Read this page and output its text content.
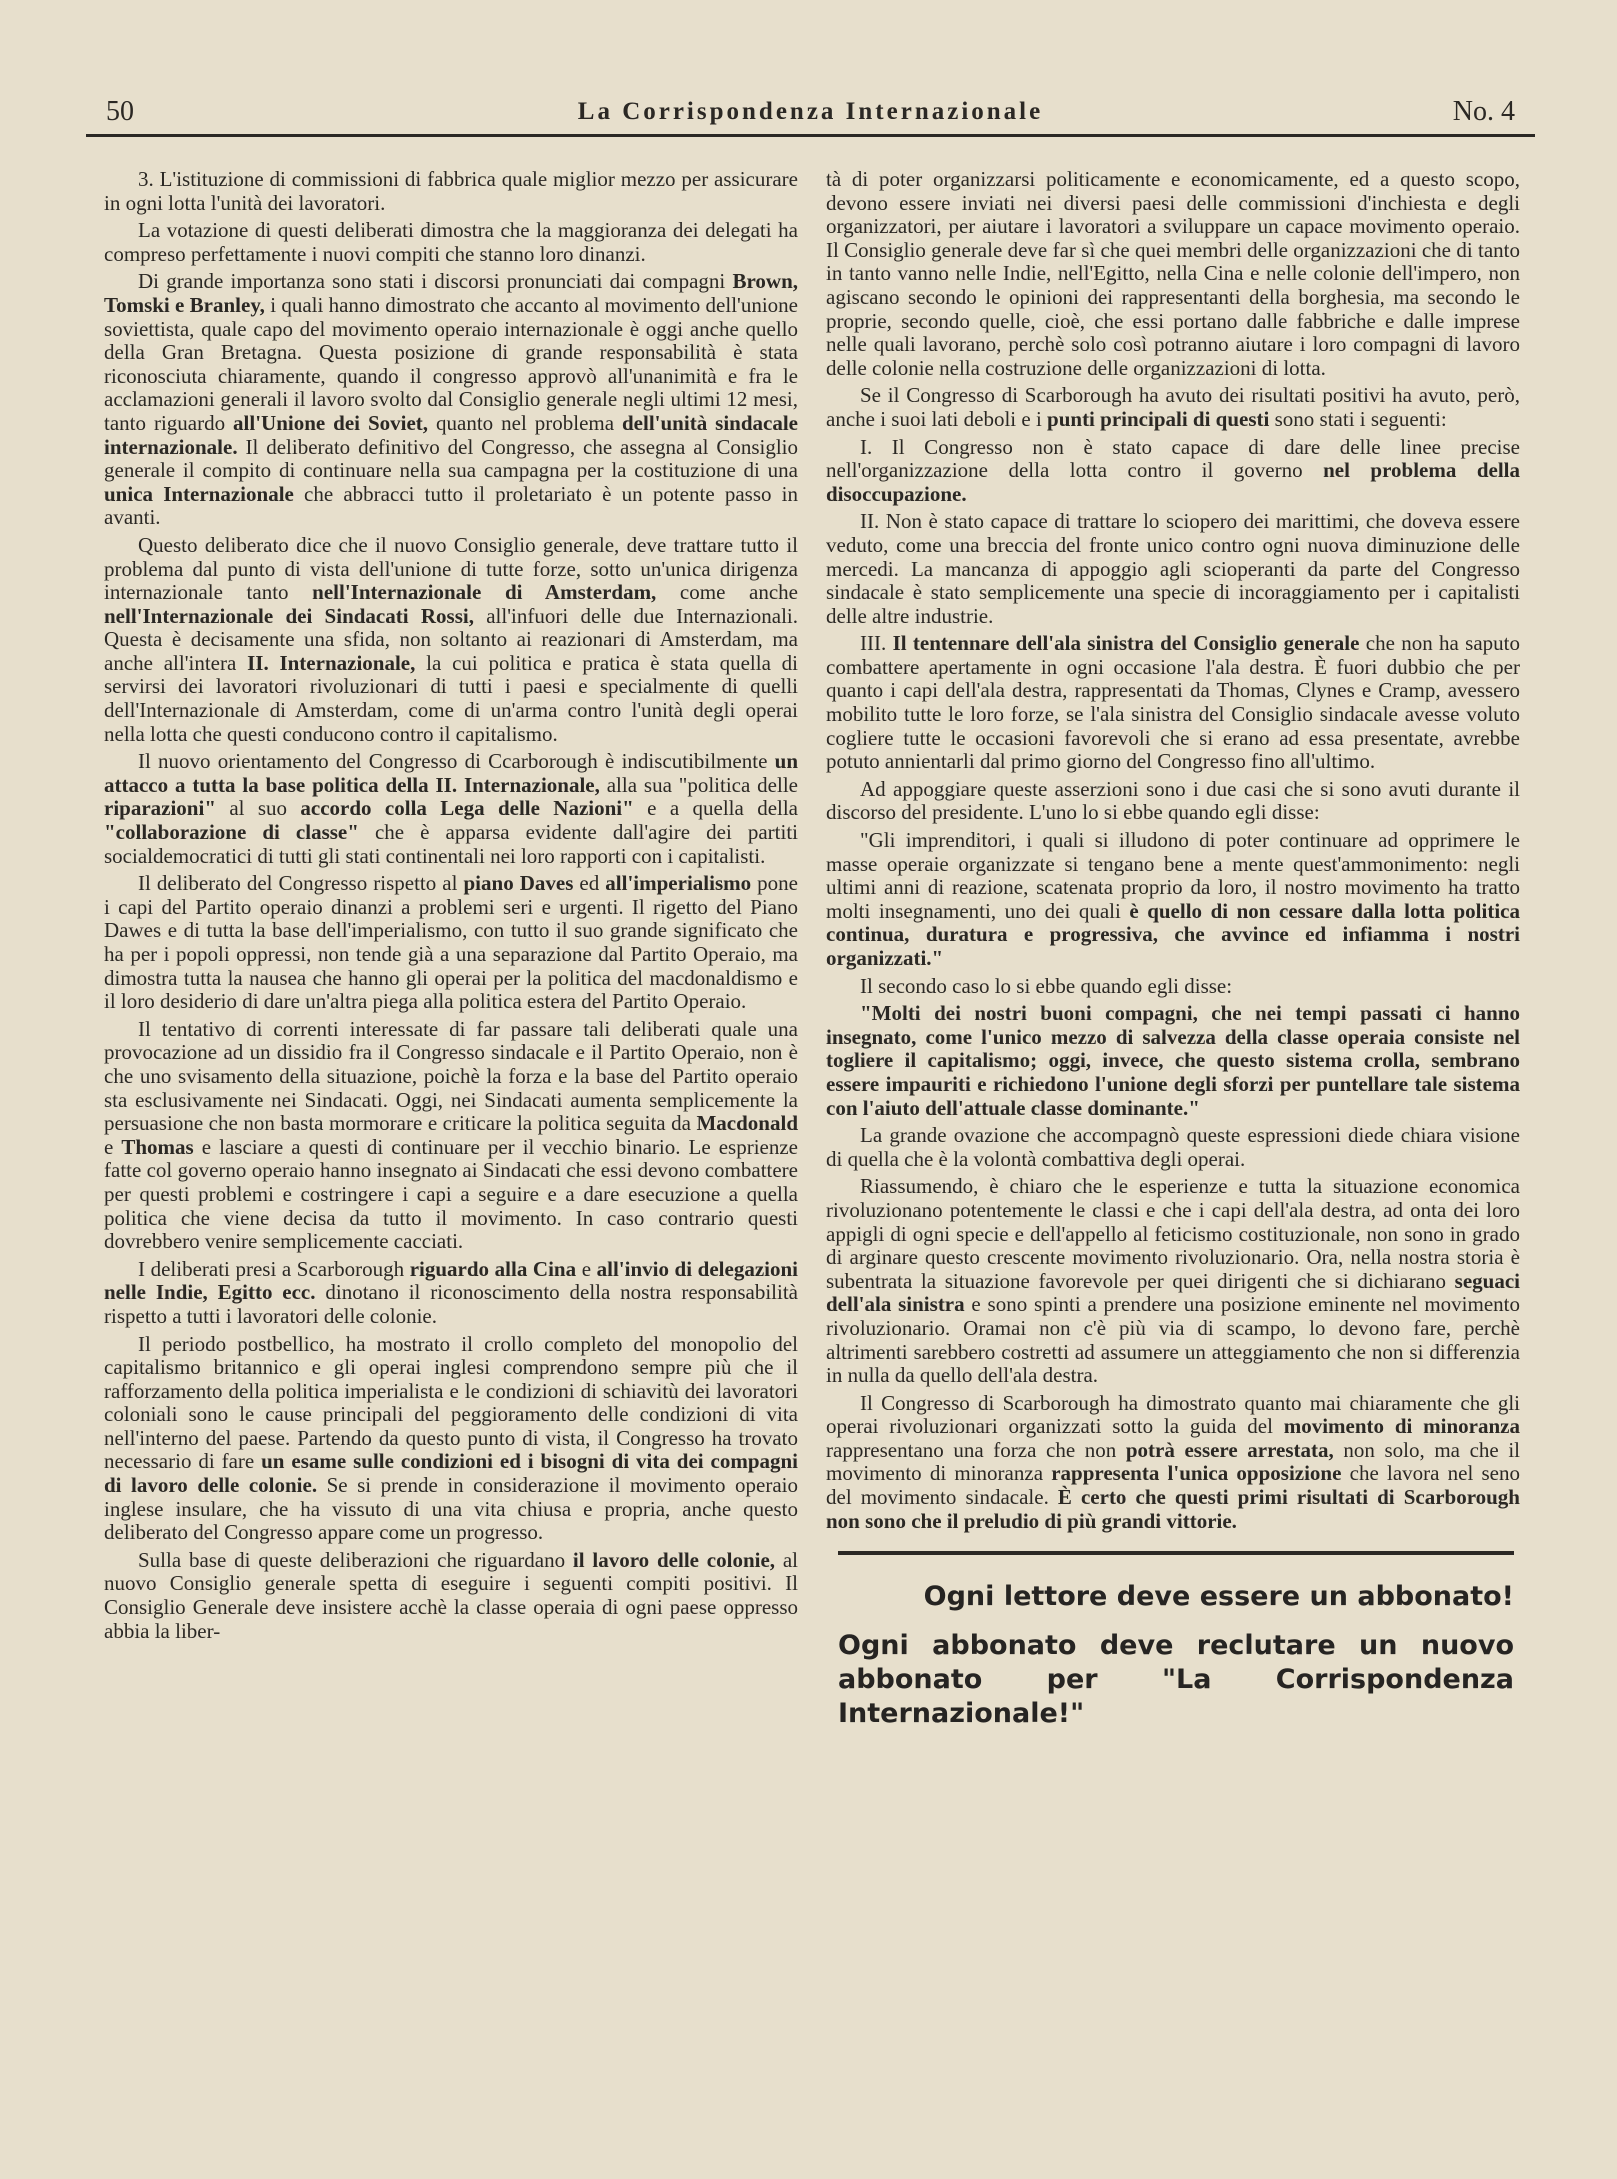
50	La Corrispondenza Internazionale	No. 4

3. L'istituzione di commissioni di fabbrica quale miglior mezzo per assicurare in ogni lotta l'unità dei lavoratori.

La votazione di questi deliberati dimostra che la maggioranza dei delegati ha compreso perfettamente i nuovi compiti che stanno loro dinanzi.

Di grande importanza sono stati i discorsi pronunciati dai compagni Brown, Tomski e Branley, i quali hanno dimostrato che accanto al movimento dell'unione soviettista, quale capo del movimento operaio internazionale è oggi anche quello della Gran Bretagna. Questa posizione di grande responsabilità è stata riconosciuta chiaramente, quando il congresso approvò all'unanimità e fra le acclamazioni generali il lavoro svolto dal Consiglio generale negli ultimi 12 mesi, tanto riguardo all'Unione dei Soviet, quanto nel problema dell'unità sindacale internazionale. Il deliberato definitivo del Congresso, che assegna al Consiglio generale il compito di continuare nella sua campagna per la costituzione di una unica Internazionale che abbracci tutto il proletariato è un potente passo in avanti.

Questo deliberato dice che il nuovo Consiglio generale, deve trattare tutto il problema dal punto di vista dell'unione di tutte forze, sotto un'unica dirigenza internazionale tanto nell'Internazionale di Amsterdam, come anche nell'Internazionale dei Sindacati Rossi, all'infuori delle due Internazionali. Questa è decisamente una sfida, non soltanto ai reazionari di Amsterdam, ma anche all'intera II. Internazionale, la cui politica e pratica è stata quella di servirsi dei lavoratori rivoluzionari di tutti i paesi e specialmente di quelli dell'Internazionale di Amsterdam, come di un'arma contro l'unità degli operai nella lotta che questi conducono contro il capitalismo.

Il nuovo orientamento del Congresso di Ccarborough è indiscutibilmente un attacco a tutta la base politica della II. Internazionale, alla sua "politica delle riparazioni" al suo accordo colla Lega delle Nazioni" e a quella della "collaborazione di classe" che è apparsa evidente dall'agire dei partiti socialdemocratici di tutti gli stati continentali nei loro rapporti con i capitalisti.

Il deliberato del Congresso rispetto al piano Daves ed all'imperialismo pone i capi del Partito operaio dinanzi a problemi seri e urgenti. Il rigetto del Piano Dawes e di tutta la base dell'imperialismo, con tutto il suo grande significato che ha per i popoli oppressi, non tende già a una separazione dal Partito Operaio, ma dimostra tutta la nausea che hanno gli operai per la politica del macdonaldismo e il loro desiderio di dare un'altra piega alla politica estera del Partito Operaio.

Il tentativo di correnti interessate di far passare tali deliberati quale una provocazione ad un dissidio fra il Congresso sindacale e il Partito Operaio, non è che uno svisamento della situazione, poichè la forza e la base del Partito operaio sta esclusivamente nei Sindacati. Oggi, nei Sindacati aumenta semplicemente la persuasione che non basta mormorare e criticare la politica seguita da Macdonald e Thomas e lasciare a questi di continuare per il vecchio binario. Le esprienze fatte col governo operaio hanno insegnato ai Sindacati che essi devono combattere per questi problemi e costringere i capi a seguire e a dare esecuzione a quella politica che viene decisa da tutto il movimento. In caso contrario questi dovrebbero venire semplicemente cacciati.

I deliberati presi a Scarborough riguardo alla Cina e all'invio di delegazioni nelle Indie, Egitto ecc. dinotano il riconoscimento della nostra responsabilità rispetto a tutti i lavoratori delle colonie.

Il periodo postbellico, ha mostrato il crollo completo del monopolio del capitalismo britannico e gli operai inglesi comprendono sempre più che il rafforzamento della politica imperialista e le condizioni di schiavitù dei lavoratori coloniali sono le cause principali del peggioramento delle condizioni di vita nell'interno del paese. Partendo da questo punto di vista, il Congresso ha trovato necessario di fare un esame sulle condizioni ed i bisogni di vita dei compagni di lavoro delle colonie. Se si prende in considerazione il movimento operaio inglese insulare, che ha vissuto di una vita chiusa e propria, anche questo deliberato del Congresso appare come un progresso.

Sulla base di queste deliberazioni che riguardano il lavoro delle colonie, al nuovo Consiglio generale spetta di eseguire i seguenti compiti positivi. Il Consiglio Generale deve insistere acchè la classe operaia di ogni paese oppresso abbia la liber-

tà di poter organizzarsi politicamente e economicamente, ed a questo scopo, devono essere inviati nei diversi paesi delle commissioni d'inchiesta e degli organizzatori, per aiutare i lavoratori a sviluppare un capace movimento operaio. Il Consiglio generale deve far sì che quei membri delle organizzazioni che di tanto in tanto vanno nelle Indie, nell'Egitto, nella Cina e nelle colonie dell'impero, non agiscano secondo le opinioni dei rappresentanti della borghesia, ma secondo le proprie, secondo quelle, cioè, che essi portano dalle fabbriche e dalle imprese nelle quali lavorano, perchè solo così potranno aiutare i loro compagni di lavoro delle colonie nella costruzione delle organizzazioni di lotta.

Se il Congresso di Scarborough ha avuto dei risultati positivi ha avuto, però, anche i suoi lati deboli e i punti principali di questi sono stati i seguenti:

I. Il Congresso non è stato capace di dare delle linee precise nell'organizzazione della lotta contro il governo nel problema della disoccupazione.

II. Non è stato capace di trattare lo sciopero dei marittimi, che doveva essere veduto, come una breccia del fronte unico contro ogni nuova diminuzione delle mercedi. La mancanza di appoggio agli scioperanti da parte del Congresso sindacale è stato semplicemente una specie di incoraggiamento per i capitalisti delle altre industrie.

III. Il tentennare dell'ala sinistra del Consiglio generale che non ha saputo combattere apertamente in ogni occasione l'ala destra. È fuori dubbio che per quanto i capi dell'ala destra, rappresentati da Thomas, Clynes e Cramp, avessero mobilito tutte le loro forze, se l'ala sinistra del Consiglio sindacale avesse voluto cogliere tutte le occasioni favorevoli che si erano ad essa presentate, avrebbe potuto annientarli dal primo giorno del Congresso fino all'ultimo.

Ad appoggiare queste asserzioni sono i due casi che si sono avuti durante il discorso del presidente. L'uno lo si ebbe quando egli disse:

"Gli imprenditori, i quali si illudono di poter continuare ad opprimere le masse operaie organizzate si tengano bene a mente quest'ammonimento: negli ultimi anni di reazione, scatenata proprio da loro, il nostro movimento ha tratto molti insegnamenti, uno dei quali è quello di non cessare dalla lotta politica continua, duratura e progressiva, che avvince ed infiamma i nostri organizzati."

Il secondo caso lo si ebbe quando egli disse:

"Molti dei nostri buoni compagni, che nei tempi passati ci hanno insegnato, come l'unico mezzo di salvezza della classe operaia consiste nel togliere il capitalismo; oggi, invece, che questo sistema crolla, sembrano essere impauriti e richiedono l'unione degli sforzi per puntellare tale sistema con l'aiuto dell'attuale classe dominante."

La grande ovazione che accompagnò queste espressioni diede chiara visione di quella che è la volontà combattiva degli operai.

Riassumendo, è chiaro che le esperienze e tutta la situazione economica rivoluzionano potentemente le classi e che i capi dell'ala destra, ad onta dei loro appigli di ogni specie e dell'appello al feticismo costituzionale, non sono in grado di arginare questo crescente movimento rivoluzionario. Ora, nella nostra storia è subentrata la situazione favorevole per quei dirigenti che si dichiarano seguaci dell'ala sinistra e sono spinti a prendere una posizione eminente nel movimento rivoluzionario. Oramai non c'è più via di scampo, lo devono fare, perchè altrimenti sarebbero costretti ad assumere un atteggiamento che non si differenzia in nulla da quello dell'ala destra.

Il Congresso di Scarborough ha dimostrato quanto mai chiaramente che gli operai rivoluzionari organizzati sotto la guida del movimento di minoranza rappresentano una forza che non potrà essere arrestata, non solo, ma che il movimento di minoranza rappresenta l'unica opposizione che lavora nel seno del movimento sindacale. È certo che questi primi risultati di Scarborough non sono che il preludio di più grandi vittorie.

Ogni lettore deve essere un abbonato!
Ogni abbonato deve reclutare un nuovo abbonato per "La Corrispondenza Internazionale!"
